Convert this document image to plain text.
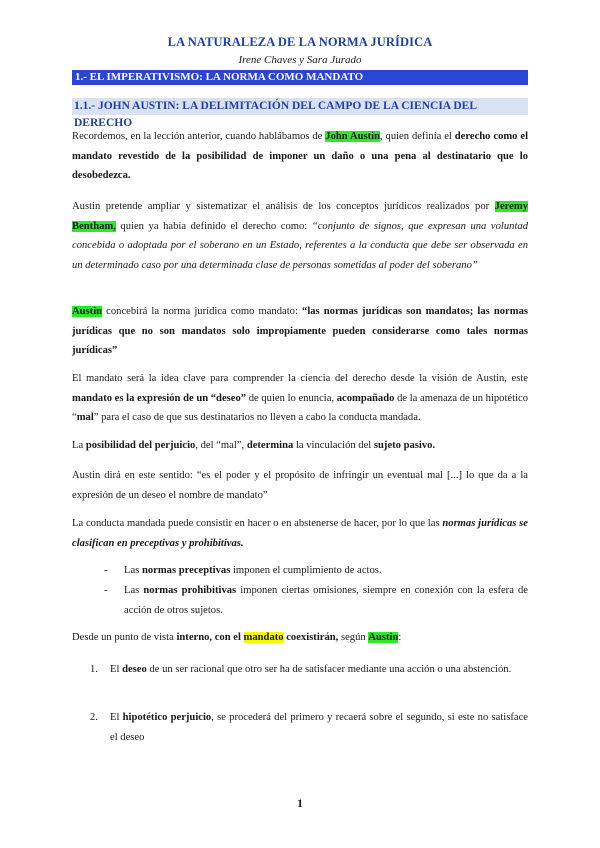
LA NATURALEZA DE LA NORMA JURÍDICA
Irene Chaves y Sara Jurado
1.- EL IMPERATIVISMO: LA NORMA COMO MANDATO
1.1.- JOHN AUSTIN: LA DELIMITACIÓN DEL CAMPO DE LA CIENCIA DEL DERECHO

Recordemos, en la lección anterior, cuando hablábamos de John Austin, quien definía el derecho como el mandato revestido de la posibilidad de imponer un daño o una pena al destinatario que lo desobedezca.

Austin pretende ampliar y sistematizar el análisis de los conceptos jurídicos realizados por Jeremy Bentham, quien ya había definido el derecho como: “conjunto de signos, que expresan una voluntad concebida o adoptada por el soberano en un Estado, referentes a la conducta que debe ser observada en un determinado caso por una determinada clase de personas sometidas al poder del soberano”

Austin concebirá la norma jurídica como mandato: “las normas jurídicas son mandatos; las normas jurídicas que no son mandatos solo impropiamente pueden considerarse como tales normas jurídicas”

El mandato será la idea clave para comprender la ciencia del derecho desde la visión de Austin, este mandato es la expresión de un “deseo” de quien lo enuncia, acompañado de la amenaza de un hipotético “mal” para el caso de que sus destinatarios no lleven a cabo la conducta mandada.

La posibilidad del perjuicio, del “mal”, determina la vinculación del sujeto pasivo.

Austin dirá en este sentido: “es el poder y el propósito de infringir un eventual mal [...] lo que da a la expresión de un deseo el nombre de mandato”

La conducta mandada puede consistir en hacer o en abstenerse de hacer, por lo que las normas jurídicas se clasifican en preceptivas y prohibitivas.

- Las normas preceptivas imponen el cumplimiento de actos.
- Las normas prohibitivas imponen ciertas omisiones, siempre en conexión con la esfera de acción de otros sujetos.

Desde un punto de vista interno, con el mandato coexistirán, según Austin:

1. El deseo de un ser racional que otro ser ha de satisfacer mediante una acción o una abstención.
2. El hipotético perjuicio, se procederá del primero y recaerá sobre el segundo, si este no satisface el deseo
1
